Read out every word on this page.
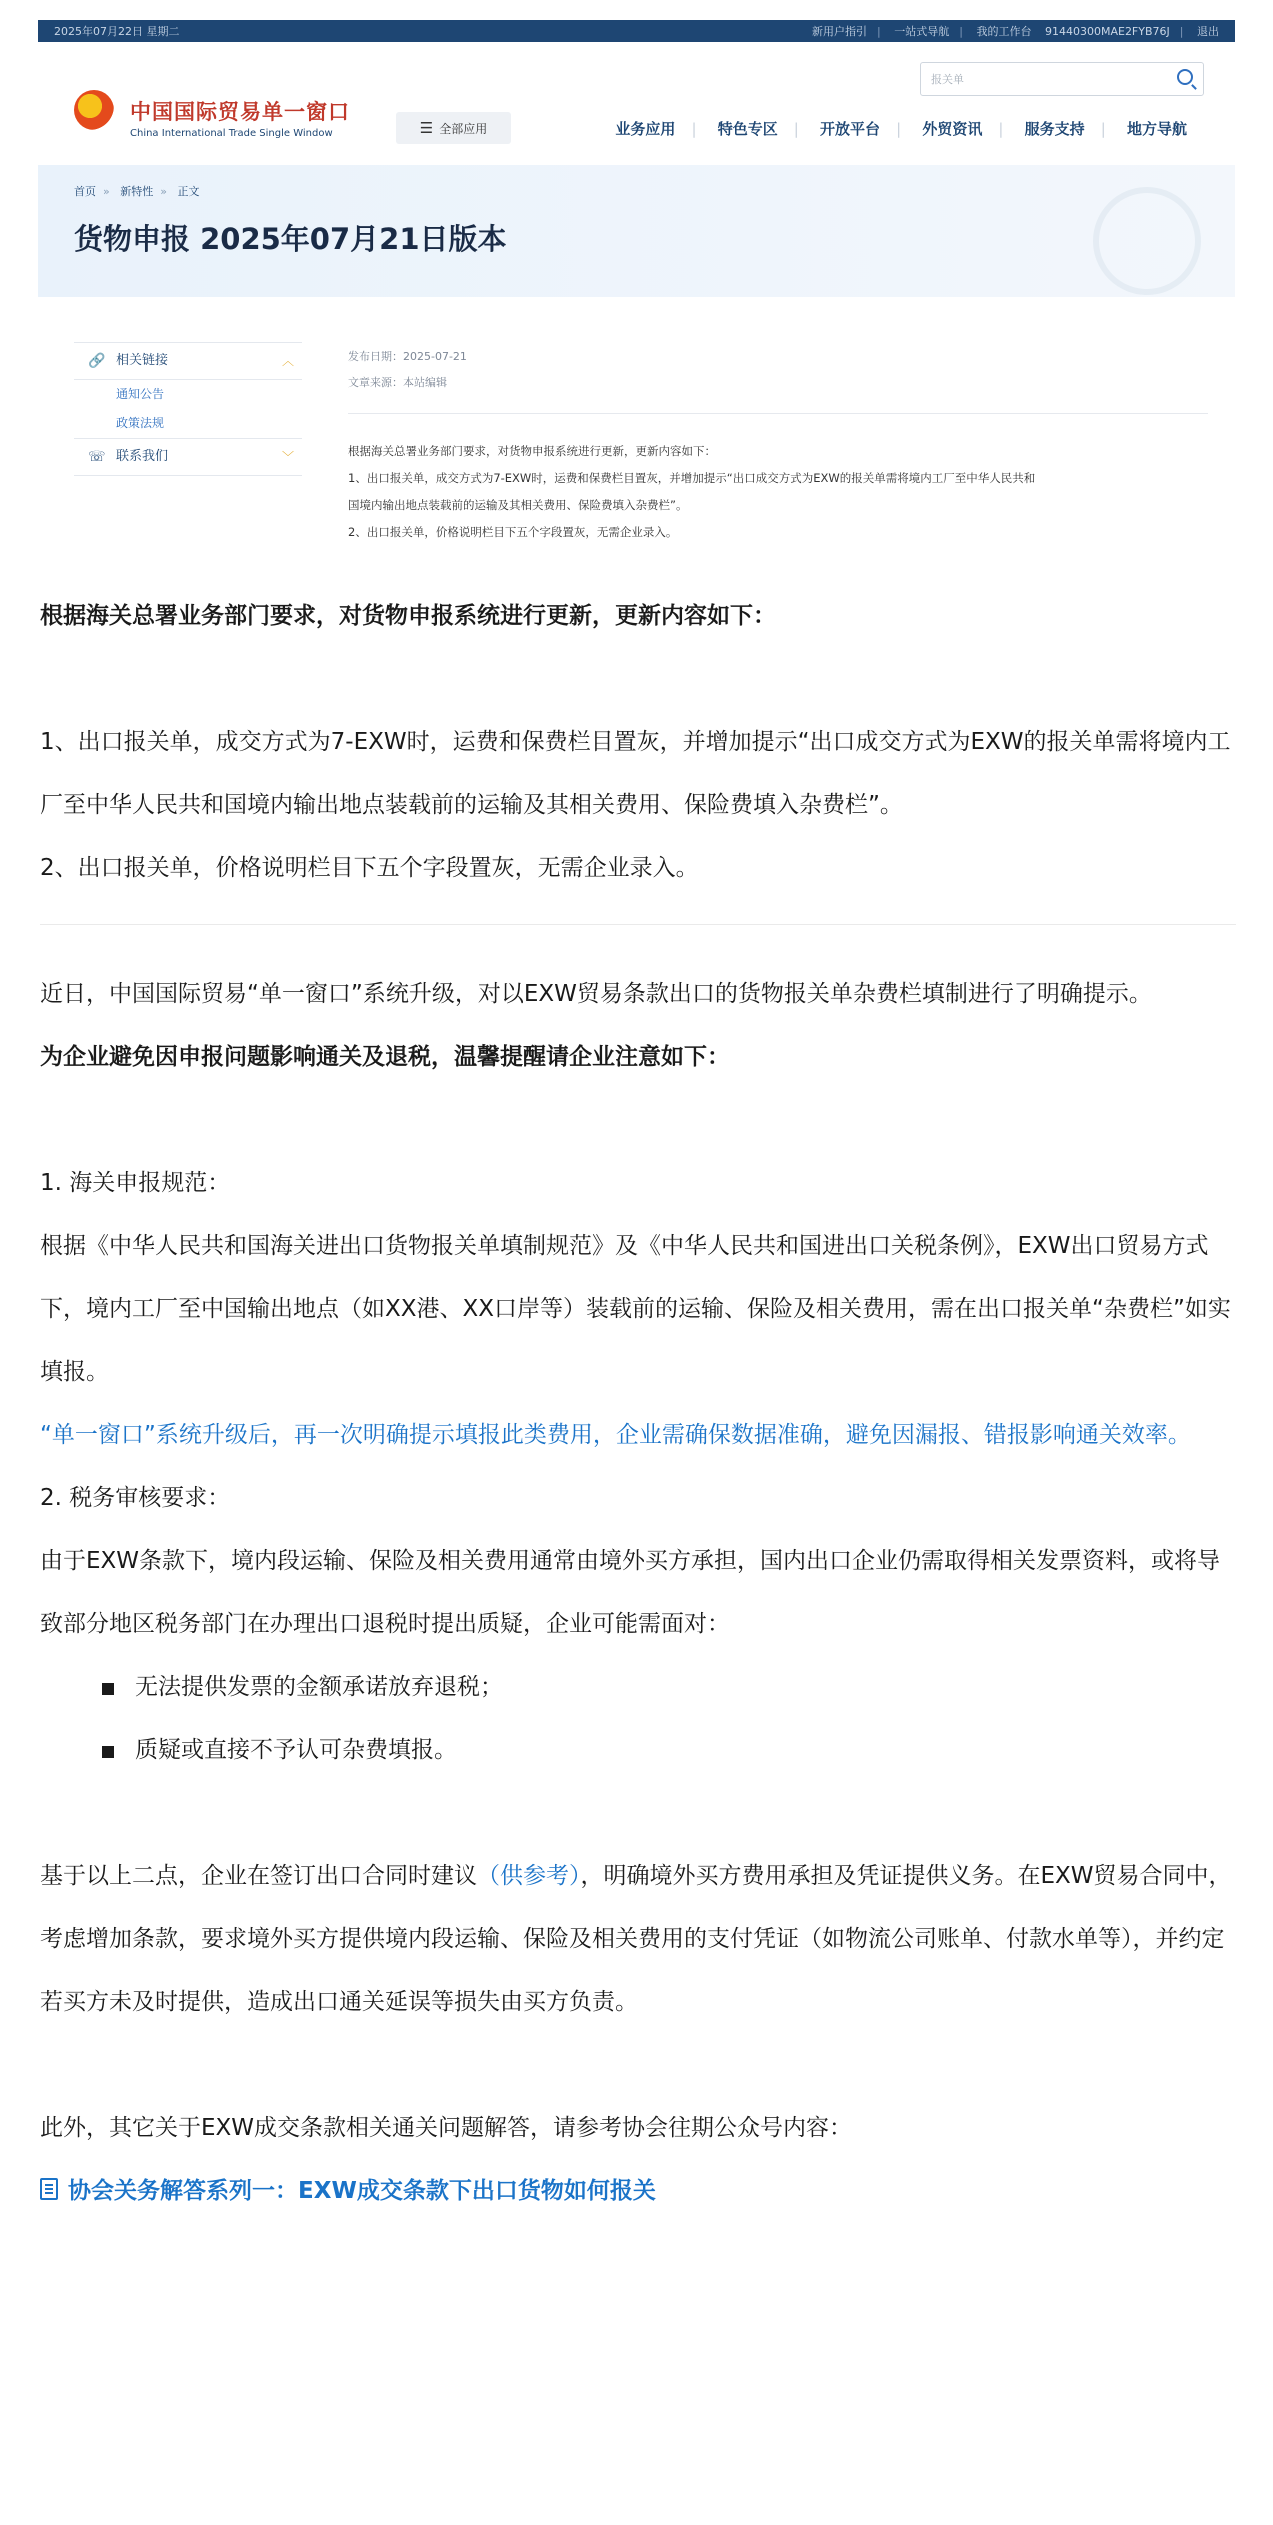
2025年07月22日 星期二	新用户指引 | 一站式导航 | 我的工作台 91440300MAE2FYB76J | 退出
中国国际贸易单一窗口
China International Trade Single Window	☰ 全部应用
报关单
业务应用 | 特色专区 | 开放平台 | 外贸资讯 | 服务支持 | 地方导航
首页 » 新特性 » 正文
货物申报 2025年07月21日版本
🔗 相关链接	︿
通知公告
政策法规
☏ 联系我们	﹀
发布日期：2025-07-21
文章来源：本站编辑
根据海关总署业务部门要求，对货物申报系统进行更新，更新内容如下：
1、出口报关单，成交方式为7-EXW时，运费和保费栏目置灰，并增加提示“出口成交方式为EXW的报关单需将境内工厂至中华人民共和
国境内输出地点装载前的运输及其相关费用、保险费填入杂费栏”。
2、出口报关单，价格说明栏目下五个字段置灰，无需企业录入。

根据海关总署业务部门要求，对货物申报系统进行更新，更新内容如下：

1、出口报关单，成交方式为7-EXW时，运费和保费栏目置灰，并增加提示“出口成交方式为EXW的报关单需将境内工厂至中华人民共和国境内输出地点装载前的运输及其相关费用、保险费填入杂费栏”。

2、出口报关单，价格说明栏目下五个字段置灰，无需企业录入。

近日，中国国际贸易“单一窗口”系统升级，对以EXW贸易条款出口的货物报关单杂费栏填制进行了明确提示。

为企业避免因申报问题影响通关及退税，温馨提醒请企业注意如下：

1. 海关申报规范：

根据《中华人民共和国海关进出口货物报关单填制规范》及《中华人民共和国进出口关税条例》，EXW出口贸易方式下，境内工厂至中国输出地点（如XX港、XX口岸等）装载前的运输、保险及相关费用，需在出口报关单“杂费栏”如实填报。

“单一窗口”系统升级后，再一次明确提示填报此类费用，企业需确保数据准确，避免因漏报、错报影响通关效率。

2. 税务审核要求：

由于EXW条款下，境内段运输、保险及相关费用通常由境外买方承担，国内出口企业仍需取得相关发票资料，或将导致部分地区税务部门在办理出口退税时提出质疑，企业可能需面对：

无法提供发票的金额承诺放弃退税；

质疑或直接不予认可杂费填报。

基于以上二点，企业在签订出口合同时建议（供参考），明确境外买方费用承担及凭证提供义务。在EXW贸易合同中，考虑增加条款，要求境外买方提供境内段运输、保险及相关费用的支付凭证（如物流公司账单、付款水单等），并约定若买方未及时提供，造成出口通关延误等损失由买方负责。

此外，其它关于EXW成交条款相关通关问题解答，请参考协会往期公众号内容：

协会关务解答系列一：EXW成交条款下出口货物如何报关
